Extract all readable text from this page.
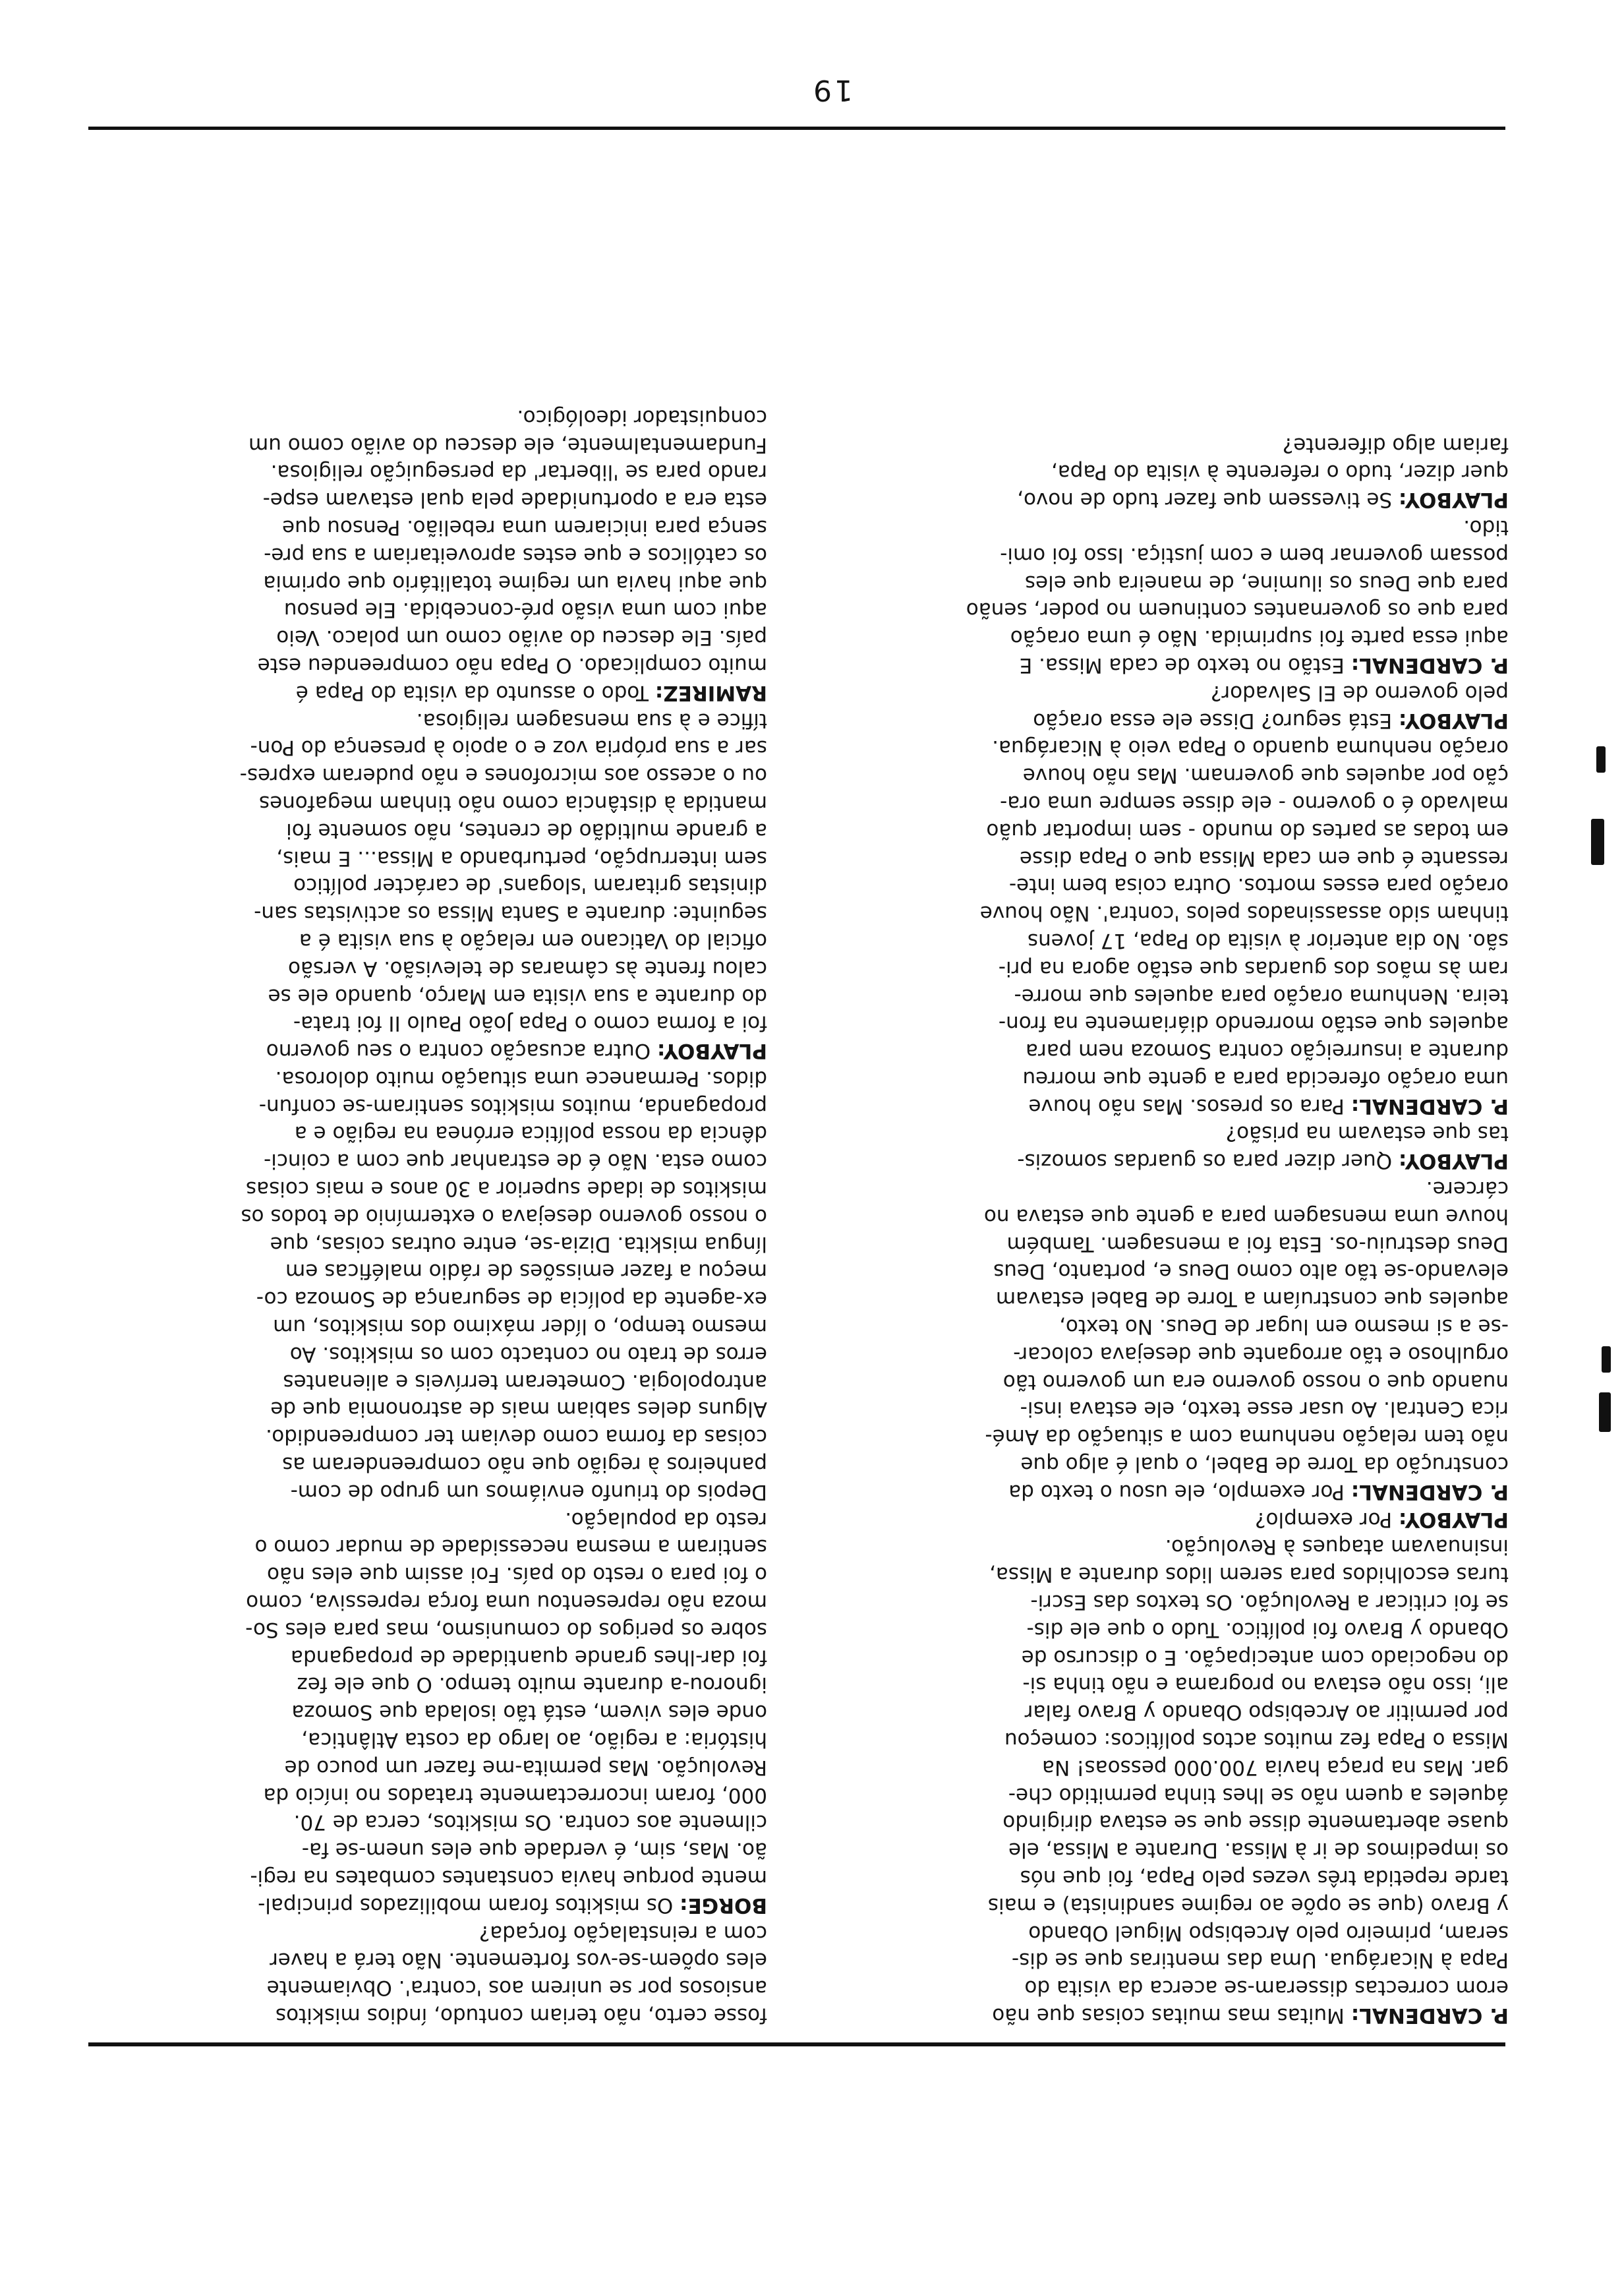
P. CARDENAL: Muitas mas muitas coisas que não
erom correctas disseram-se acerca da visita do
Papa à Nicarágua. Uma das mentiras que se dis-
seram, primeiro pelo Arcebispo Miguel Obando
y Bravo (que se opõe ao regime sandinista) e mais
tarde repetida três vezes pelo Papa, foi que nós
os impedimos de ir à Missa. Durante a Missa, ele
quase abertamente disse que se estava dirigindo
áqueles a quem não se lhes tinha permitido che-
gar. Mas na praça havia 700.000 pessoas! Na
Missa o Papa fez muitos actos políticos: começou
por permitir ao Arcebispo Obando y Bravo falar
ali, isso não estava no programa e não tinha si-
do negociado com antecipação. E o discurso de
Obando y Bravo foi político. Tudo o que ele dis-
se foi criticar a Revolução. Os textos das Escri-
turas escolhidos para serem lidos durante a Missa,
insinuavam ataques à Revolução.

PLAYBOY: Por exemplo?

P. CARDENAL: Por exemplo, ele usou o texto da
construção da Torre de Babel, o qual é algo que
não tem relação nenhuma com a situação da Amé-
rica Central. Ao usar esse texto, ele estava insi-
nuando que o nosso governo era um governo tão
orgulhoso e tão arrogante que desejava colocar-
-se a si mesmo em lugar de Deus. No texto,
aqueles que construíam a Torre de Babel estavam
elevando-se tão alto como Deus e, portanto, Deus
Deus destruiu-os. Esta foi a mensagem. Também
houve uma mensagem para a gente que estava no
cárcere.

PLAYBOY: Quer dizer para os guardas somozis-
tas que estavam na prisão?

P. CARDENAL: Para os presos. Mas não houve
uma oração oferecida para a gente que morreu
durante a insurreição contra Somoza nem para
aqueles que estão morrendo diáriamente na fron-
teira. Nenhuma oração para aqueles que morre-
ram às mãos dos guardas que estão agora na pri-
são. No dia anterior à visita do Papa, 17 jovens
tinham sido assassinados pelos 'contra'. Não houve
oração para esses mortos. Outra coisa bem inte-
ressante é que em cada Missa que o Papa disse
em todas as partes do mundo - sem importar quão
malvado é o governo - ele disse sempre uma ora-
ção por aqueles que governam. Mas não houve
oração nenhuma quando o Papa veio à Nicarágua.

PLAYBOY: Está seguro? Disse ele essa oração
pelo governo de El Salvador?

P. CARDENAL: Estão no texto de cada Missa. E
aqui essa parte foi suprimida. Não é uma oração
para que os governantes continuem no poder, senão
para que Deus os ilumine, de maneira que eles
possam governar bem e com justiça. Isso foi omi-
tido.

PLAYBOY: Se tivessem que fazer tudo de novo,
quer dizer, tudo o referente à visita do Papa,
fariam algo diferente?

fosse certo, não teriam contudo, índios miskitos
ansiosos por se unirem aos 'contra'. Obviamente
eles opõem-se-vos fortemente. Não terá a haver
com a reinstalação forçada?

BORGE: Os miskitos foram mobilizados principal-
mente porque havia constantes combates na regi-
ão. Mas, sim, é verdade que eles unem-se fa-
cilmente aos contra. Os miskitos, cerca de 70.
000, foram incorrectamente tratados no início da
Revolução. Mas permita-me fazer um pouco de
história: a região, ao largo da costa Atlântica,
onde eles vivem, está tão isolada que Somoza
ignorou-a durante muito tempo. O que ele fez
foi dar-lhes grande quantidade de propaganda
sobre os perigos do comunismo, mas para eles So-
moza não representou uma força repressiva, como
o foi para o resto do país. Foi assim que eles não
sentiram a mesma necessidade de mudar como o
resto da população.
Depois do triunfo enviámos um grupo de com-
panheiros à região que não compreenderam as
coisas da forma como deviam ter compreendido.
Alguns deles sabiam mais de astronomia que de
antropologia. Cometeram terríveis e alienantes
erros de trato no contacto com os miskitos. Ao
mesmo tempo, o líder máximo dos miskitos, um
ex-agente da polícia de segurança de Somoza co-
meçou a fazer emissões de rádio maléficas em
língua miskita. Dizia-se, entre outras coisas, que
o nosso governo desejava o extermínio de todos os
miskitos de idade superior a 30 anos e mais coisas
como esta. Não é de estranhar que com a coinci-
dência da nossa política errónea na região e a
propaganda, muitos miskitos sentiram-se confun-
didos. Permanece uma situação muito dolorosa.

PLAYBOY: Outra acusação contra o seu governo
foi a forma como o Papa João Paulo II foi trata-
do durante a sua visita em Março, quando ele se
calou frente às câmaras de televisão. A versão
oficial do Vaticano em relação à sua visita é a
seguinte: durante a Santa Missa os activistas san-
dinistas gritaram 'slogans' de carácter político
sem interrupção, perturbando a Missa... E mais,
a grande multidão de crentes, não somente foi
mantida à distância como não tinham megafones
ou o acesso aos microfones e não puderam expres-
sar a sua própria voz e o apoio à presença do Pon-
tífice e à sua mensagem religiosa.

RAMIREZ: Todo o assunto da visita do Papa é
muito complicado. O Papa não compreendeu este
país. Ele desceu do avião como um polaco. Veio
aqui com uma visão pré-concebida. Ele pensou
que aqui havia um regime totalitário que oprimia
os católicos e que estes aproveitariam a sua pre-
sença para iniciarem uma rebelião. Pensou que
esta era a oportunidade pela qual estavam espe-
rando para se 'libertar' da perseguição religiosa.
Fundamentalmente, ele desceu do avião como um
conquistador ideológico.

19
